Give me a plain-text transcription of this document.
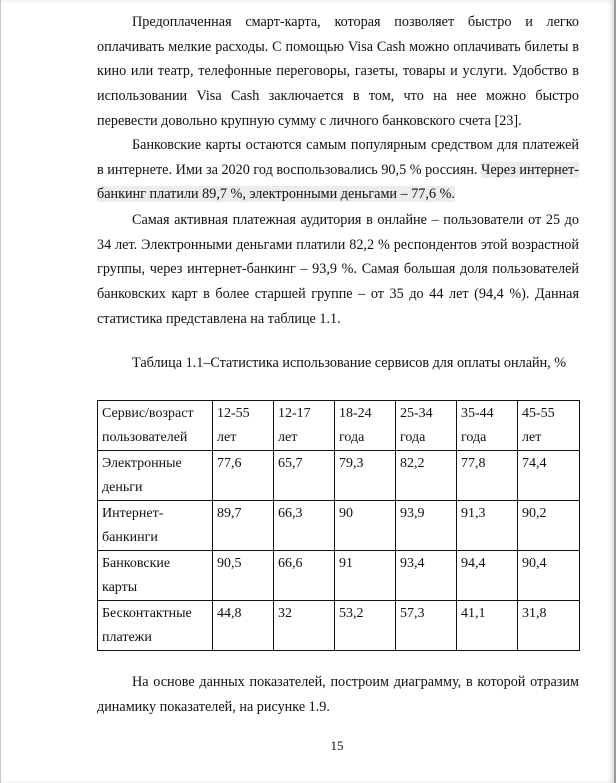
Предоплаченная смарт-карта, которая позволяет быстро и легко оплачивать мелкие расходы. С помощью Visa Cash можно оплачивать билеты в кино или театр, телефонные переговоры, газеты, товары и услуги. Удобство в использовании Visa Cash заключается в том, что на нее можно быстро перевести довольно крупную сумму с личного банковского счета [23].

Банковские карты остаются самым популярным средством для платежей в интернете. Ими за 2020 год воспользовались 90,5 % россиян. Через интернет-банкинг платили 89,7 %, электронными деньгами – 77,6 %.

Самая активная платежная аудитория в онлайне – пользователи от 25 до 34 лет. Электронными деньгами платили 82,2 % респондентов этой возрастной группы, через интернет-банкинг – 93,9 %. Самая большая доля пользователей банковских карт в более старшей группе – от 35 до 44 лет (94,4 %). Данная статистика представлена на таблице 1.1.

Таблица 1.1–Статистика использование сервисов для оплаты онлайн, %

Сервис/возраст пользователей	12-55 лет	12-17 лет	18-24 года	25-34 года	35-44 года	45-55 лет
Электронные деньги	77,6	65,7	79,3	82,2	77,8	74,4
Интернет-банкинги	89,7	66,3	90	93,9	91,3	90,2
Банковские карты	90,5	66,6	91	93,4	94,4	90,4
Бесконтактные платежи	44,8	32	53,2	57,3	41,1	31,8

На основе данных показателей, построим диаграмму, в которой отразим динамику показателей, на рисунке 1.9.

15
